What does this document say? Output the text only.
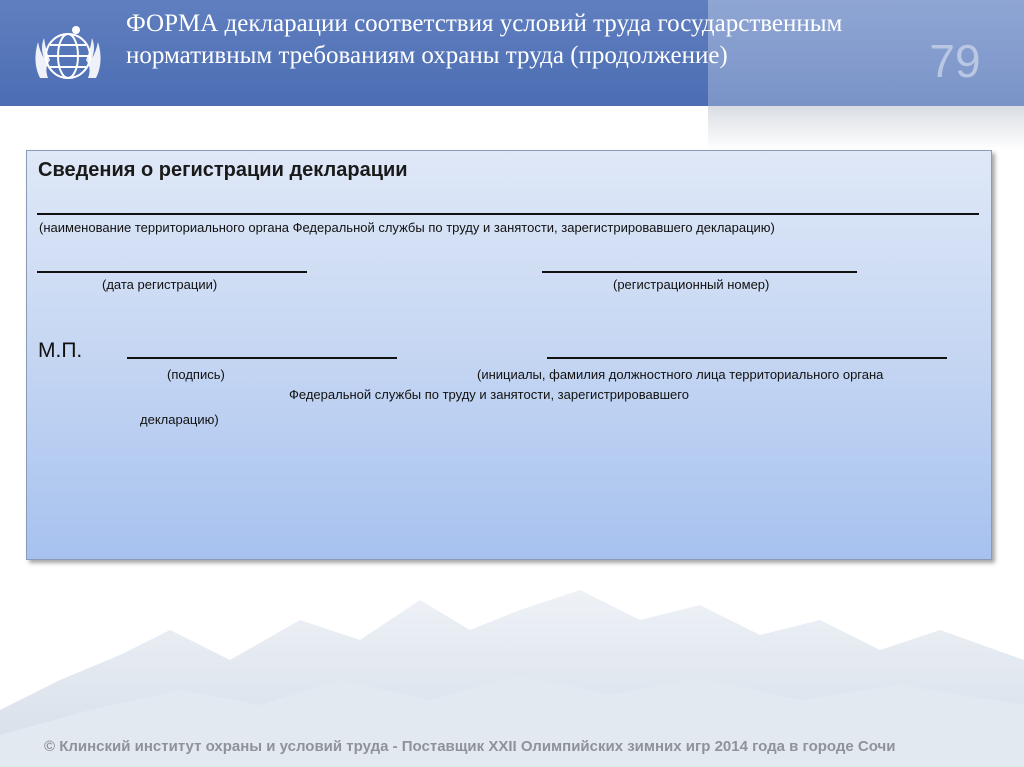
ФОРМА декларации соответствия условий труда государственным нормативным требованиям охраны труда (продолжение)	79
Сведения о регистрации декларации
(наименование территориального органа Федеральной службы по труду и занятости, зарегистрировавшего декларацию)
(дата регистрации)	(регистрационный номер)
М.П.
(подпись)	(инициалы, фамилия должностного лица территориального органа
Федеральной службы по труду и занятости, зарегистрировавшего
декларацию)
© Клинский институт охраны и условий труда - Поставщик XXII Олимпийских зимних игр 2014 года в городе Сочи
